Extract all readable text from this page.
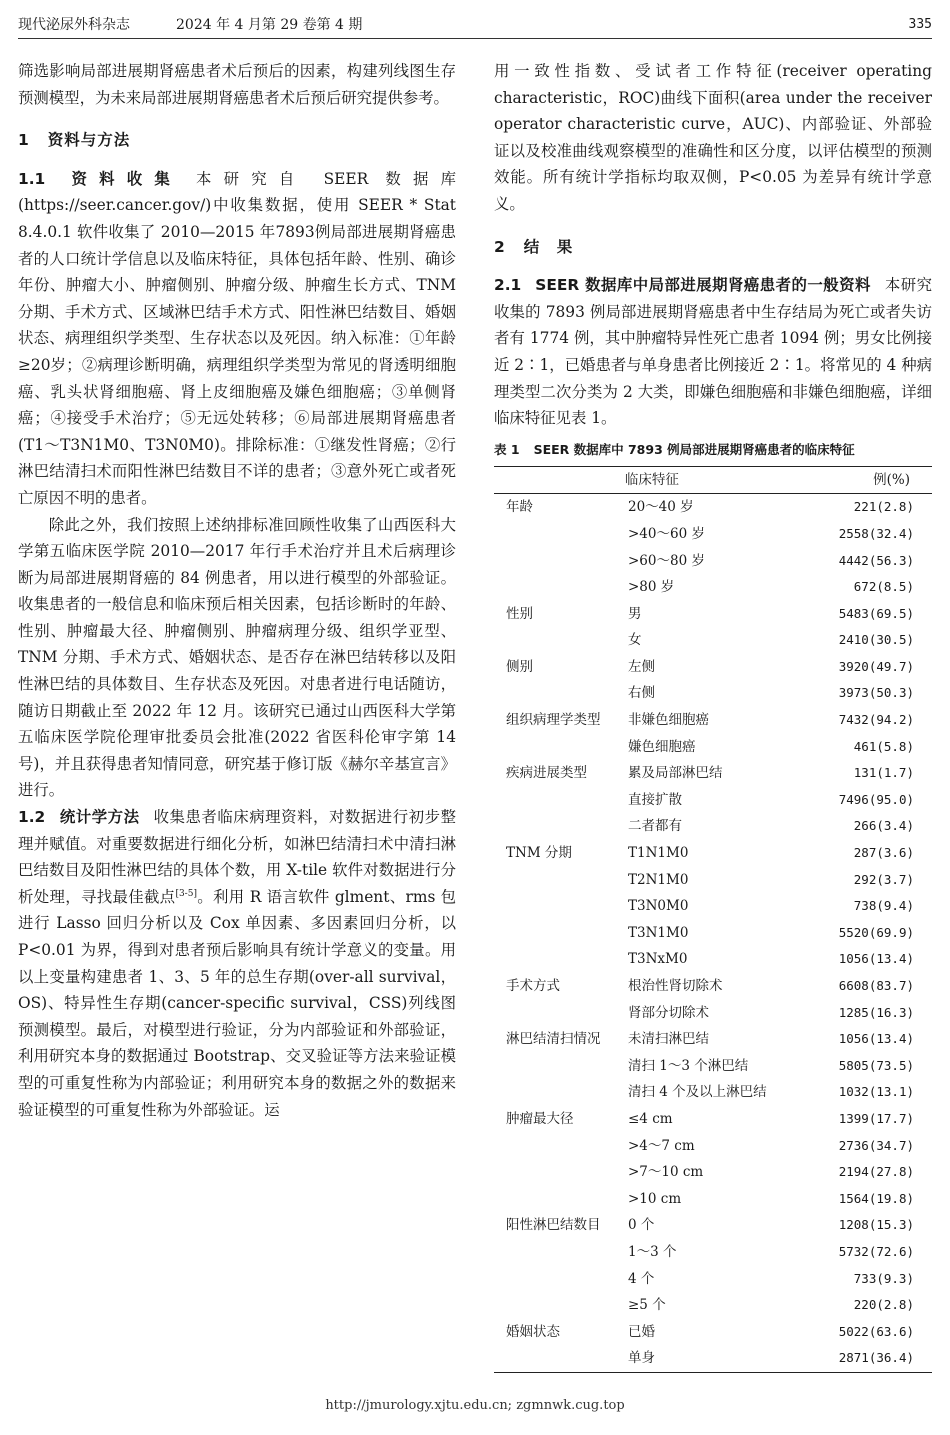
现代泌尿外科杂志	2024 年 4 月第 29 卷第 4 期	335

筛选影响局部进展期肾癌患者术后预后的因素，构建列线图生存预测模型，为未来局部进展期肾癌患者术后预后研究提供参考。

1 资料与方法

1.1 资料收集 本研究自 SEER 数据库(https://seer.cancer.gov/)中收集数据，使用 SEER * Stat 8.4.0.1 软件收集了 2010—2015 年7893例局部进展期肾癌患者的人口统计学信息以及临床特征，具体包括年龄、性别、确诊年份、肿瘤大小、肿瘤侧别、肿瘤分级、肿瘤生长方式、TNM 分期、手术方式、区域淋巴结手术方式、阳性淋巴结数目、婚姻状态、病理组织学类型、生存状态以及死因。纳入标准：①年龄≥20岁；②病理诊断明确，病理组织学类型为常见的肾透明细胞癌、乳头状肾细胞癌、肾上皮细胞癌及嫌色细胞癌；③单侧肾癌；④接受手术治疗；⑤无远处转移；⑥局部进展期肾癌患者(T1～T3N1M0、T3N0M0)。排除标准：①继发性肾癌；②行淋巴结清扫术而阳性淋巴结数目不详的患者；③意外死亡或者死亡原因不明的患者。

除此之外，我们按照上述纳排标准回顾性收集了山西医科大学第五临床医学院 2010—2017 年行手术治疗并且术后病理诊断为局部进展期肾癌的 84 例患者，用以进行模型的外部验证。收集患者的一般信息和临床预后相关因素，包括诊断时的年龄、性别、肿瘤最大径、肿瘤侧别、肿瘤病理分级、组织学亚型、TNM 分期、手术方式、婚姻状态、是否存在淋巴结转移以及阳性淋巴结的具体数目、生存状态及死因。对患者进行电话随访，随访日期截止至 2022 年 12 月。该研究已通过山西医科大学第五临床医学院伦理审批委员会批准(2022 省医科伦审字第 14 号)，并且获得患者知情同意，研究基于修订版《赫尔辛基宣言》进行。

1.2 统计学方法 收集患者临床病理资料，对数据进行初步整理并赋值。对重要数据进行细化分析，如淋巴结清扫术中清扫淋巴结数目及阳性淋巴结的具体个数，用 X-tile 软件对数据进行分析处理，寻找最佳截点[3-5]。利用 R 语言软件 glment、rms 包进行 Lasso 回归分析以及 Cox 单因素、多因素回归分析，以 P<0.01 为界，得到对患者预后影响具有统计学意义的变量。用以上变量构建患者 1、3、5 年的总生存期(over-all survival，OS)、特异性生存期(cancer-specific survival，CSS)列线图预测模型。最后，对模型进行验证，分为内部验证和外部验证，利用研究本身的数据通过 Bootstrap、交叉验证等方法来验证模型的可重复性称为内部验证；利用研究本身的数据之外的数据来验证模型的可重复性称为外部验证。运

用一致性指数、受试者工作特征(receiver operating characteristic，ROC)曲线下面积(area under the receiver operator characteristic curve，AUC)、内部验证、外部验证以及校准曲线观察模型的准确性和区分度，以评估模型的预测效能。所有统计学指标均取双侧，P<0.05 为差异有统计学意义。

2 结　果

2.1 SEER 数据库中局部进展期肾癌患者的一般资料 本研究收集的 7893 例局部进展期肾癌患者中生存结局为死亡或者失访者有 1774 例，其中肿瘤特异性死亡患者 1094 例；男女比例接近 2∶1，已婚患者与单身患者比例接近 2∶1。将常见的 4 种病理类型二次分类为 2 大类，即嫌色细胞癌和非嫌色细胞癌，详细临床特征见表 1。

表 1 SEER 数据库中 7893 例局部进展期肾癌患者的临床特征
临床特征		例(%)
年龄	20～40 岁	221(2.8)
	>40～60 岁	2558(32.4)
	>60～80 岁	4442(56.3)
	>80 岁	672(8.5)
性别	男	5483(69.5)
	女	2410(30.5)
侧别	左侧	3920(49.7)
	右侧	3973(50.3)
组织病理学类型	非嫌色细胞癌	7432(94.2)
	嫌色细胞癌	461(5.8)
疾病进展类型	累及局部淋巴结	131(1.7)
	直接扩散	7496(95.0)
	二者都有	266(3.4)
TNM 分期	T1N1M0	287(3.6)
	T2N1M0	292(3.7)
	T3N0M0	738(9.4)
	T3N1M0	5520(69.9)
	T3NxM0	1056(13.4)
手术方式	根治性肾切除术	6608(83.7)
	肾部分切除术	1285(16.3)
淋巴结清扫情况	未清扫淋巴结	1056(13.4)
	清扫 1～3 个淋巴结	5805(73.5)
	清扫 4 个及以上淋巴结	1032(13.1)
肿瘤最大径	≤4 cm	1399(17.7)
	>4～7 cm	2736(34.7)
	>7～10 cm	2194(27.8)
	>10 cm	1564(19.8)
阳性淋巴结数目	0 个	1208(15.3)
	1～3 个	5732(72.6)
	4 个	733(9.3)
	≥5 个	220(2.8)
婚姻状态	已婚	5022(63.6)
	单身	2871(36.4)
http://jmurology.xjtu.edu.cn; zgmnwk.cug.top
